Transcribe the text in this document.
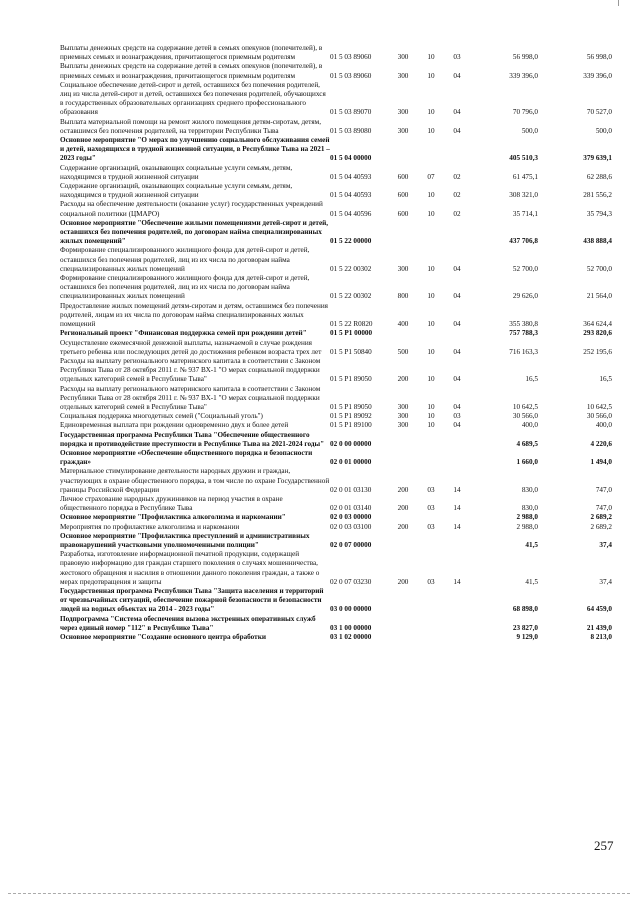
Выплаты денежных средств на содержание детей в семьях опекунов (попечителей), в приемных семьях и вознаграждения, причитающегося приемным родителям	01 5 03 89060	300	10	03	56 998,0	56 998,0
Выплаты денежных средств на содержание детей в семьях опекунов (попечителей), в приемных семьях и вознаграждения, причитающегося приемным родителям	01 5 03 89060	300	10	04	339 396,0	339 396,0
Социальное обеспечение детей-сирот и детей, оставшихся без попечения родителей, лиц из числа детей-сирот и детей, оставшихся без попечения родителей, обучающихся в государственных образовательных организациях среднего профессионального образования	01 5 03 89070	300	10	04	70 796,0	70 527,0
Выплата материальной помощи на ремонт жилого помещения детям-сиротам, детям, оставшимся без попечения родителей, на территории Республики Тыва	01 5 03 89080	300	10	04	500,0	500,0
Основное мероприятие "О мерах по улучшению социального обслуживания семей и детей, находящихся в трудной жизненной ситуации, в Республике Тыва на 2021 – 2023 годы"	01 5 04 00000				405 510,3	379 639,1
Содержание организаций, оказывающих социальные услуги семьям, детям, находящимся в трудной жизненной ситуации	01 5 04 40593	600	07	02	61 475,1	62 288,6
Содержание организаций, оказывающих социальные услуги семьям, детям, находящимся в трудной жизненной ситуации	01 5 04 40593	600	10	02	308 321,0	281 556,2
Расходы на обеспечение деятельности (оказание услуг) государственных учреждений социальной политики (ЦМАРО)	01 5 04 40596	600	10	02	35 714,1	35 794,3
Основное мероприятие "Обеспечение жилыми помещениями детей-сирот и детей, оставшихся без попечения родителей, по договорам найма специализированных жилых помещений"	01 5 22 00000				437 706,8	438 888,4
Формирование специализированного жилищного фонда для детей-сирот и детей, оставшихся без попечения родителей, лиц из их числа по договорам найма специализированных жилых помещений	01 5 22 00302	300	10	04	52 700,0	52 700,0
Формирование специализированного жилищного фонда для детей-сирот и детей, оставшихся без попечения родителей, лиц из их числа по договорам найма специализированных жилых помещений	01 5 22 00302	800	10	04	29 626,0	21 564,0
Предоставление жилых помещений детям-сиротам и детям, оставшимся без попечения родителей, лицам из их числа по договорам найма специализированных жилых помещений	01 5 22 R0820	400	10	04	355 380,8	364 624,4
Региональный проект "Финансовая поддержка семей при рождении детей"	01 5 P1 00000				757 788,3	293 820,6
Осуществление ежемесячной денежной выплаты, назначаемой в случае рождения третьего ребенка или последующих детей до достижения ребенком возраста трех лет	01 5 P1 50840	500	10	04	716 163,3	252 195,6
Расходы на выплату регионального материнского капитала в соответствии с Законом Республики Тыва от 28 октября 2011 г. № 937 ВХ-1 "О мерах социальной поддержки отдельных категорий семей в Республике Тыва"	01 5 P1 89050	200	10	04	16,5	16,5
Расходы на выплату регионального материнского капитала в соответствии с Законом Республики Тыва от 28 октября 2011 г. № 937 ВХ-1 "О мерах социальной поддержки отдельных категорий семей в Республике Тыва"	01 5 P1 89050	300	10	04	10 642,5	10 642,5
Социальная поддержка многодетных семей ("Социальный уголь")	01 5 P1 89092	300	10	03	30 566,0	30 566,0
Единовременная выплата при рождении одновременно двух и более детей	01 5 P1 89100	300	10	04	400,0	400,0
Государственная программа Республики Тыва "Обеспечение общественного порядка и противодействие преступности в Республике Тыва на 2021-2024 годы"	02 0 00 00000				4 689,5	4 220,6
Основное мероприятие «Обеспечение общественного порядка и безопасности граждан»	02 0 01 00000				1 660,0	1 494,0
Материальное стимулирование деятельности народных дружин и граждан, участвующих в охране общественного порядка, в том числе по охране Государственной границы Российской Федерации	02 0 01 03130	200	03	14	830,0	747,0
Личное страхование народных дружинников на период участия в охране общественного порядка в Республике Тыва	02 0 01 03140	200	03	14	830,0	747,0
Основное мероприятие "Профилактика алкоголизма и наркомании"	02 0 03 00000				2 988,0	2 689,2
Мероприятия по профилактике алкоголизма и наркомании	02 0 03 03100	200	03	14	2 988,0	2 689,2
Основное мероприятие "Профилактика преступлений и административных правонарушений участковыми уполномоченными полиции"	02 0 07 00000				41,5	37,4
Разработка, изготовление информационной печатной продукции, содержащей правовую информацию для граждан старшего поколения о случаях мошенничества, жестокого обращения и насилия в отношении данного поколения граждан, а также о мерах предотвращения и защиты	02 0 07 03230	200	03	14	41,5	37,4
Государственная программа Республики Тыва "Защита населения и территорий от чрезвычайных ситуаций, обеспечение пожарной безопасности и безопасности людей на водных объектах на 2014 - 2023 годы"	03 0 00 00000				68 898,0	64 459,0
Подпрограмма "Система обеспечения вызова экстренных оперативных служб через единый номер "112" в Республике Тыва"	03 1 00 00000				23 827,0	21 439,0
Основное мероприятие "Создание основного центра обработки	03 1 02 00000				9 129,0	8 213,0
257
